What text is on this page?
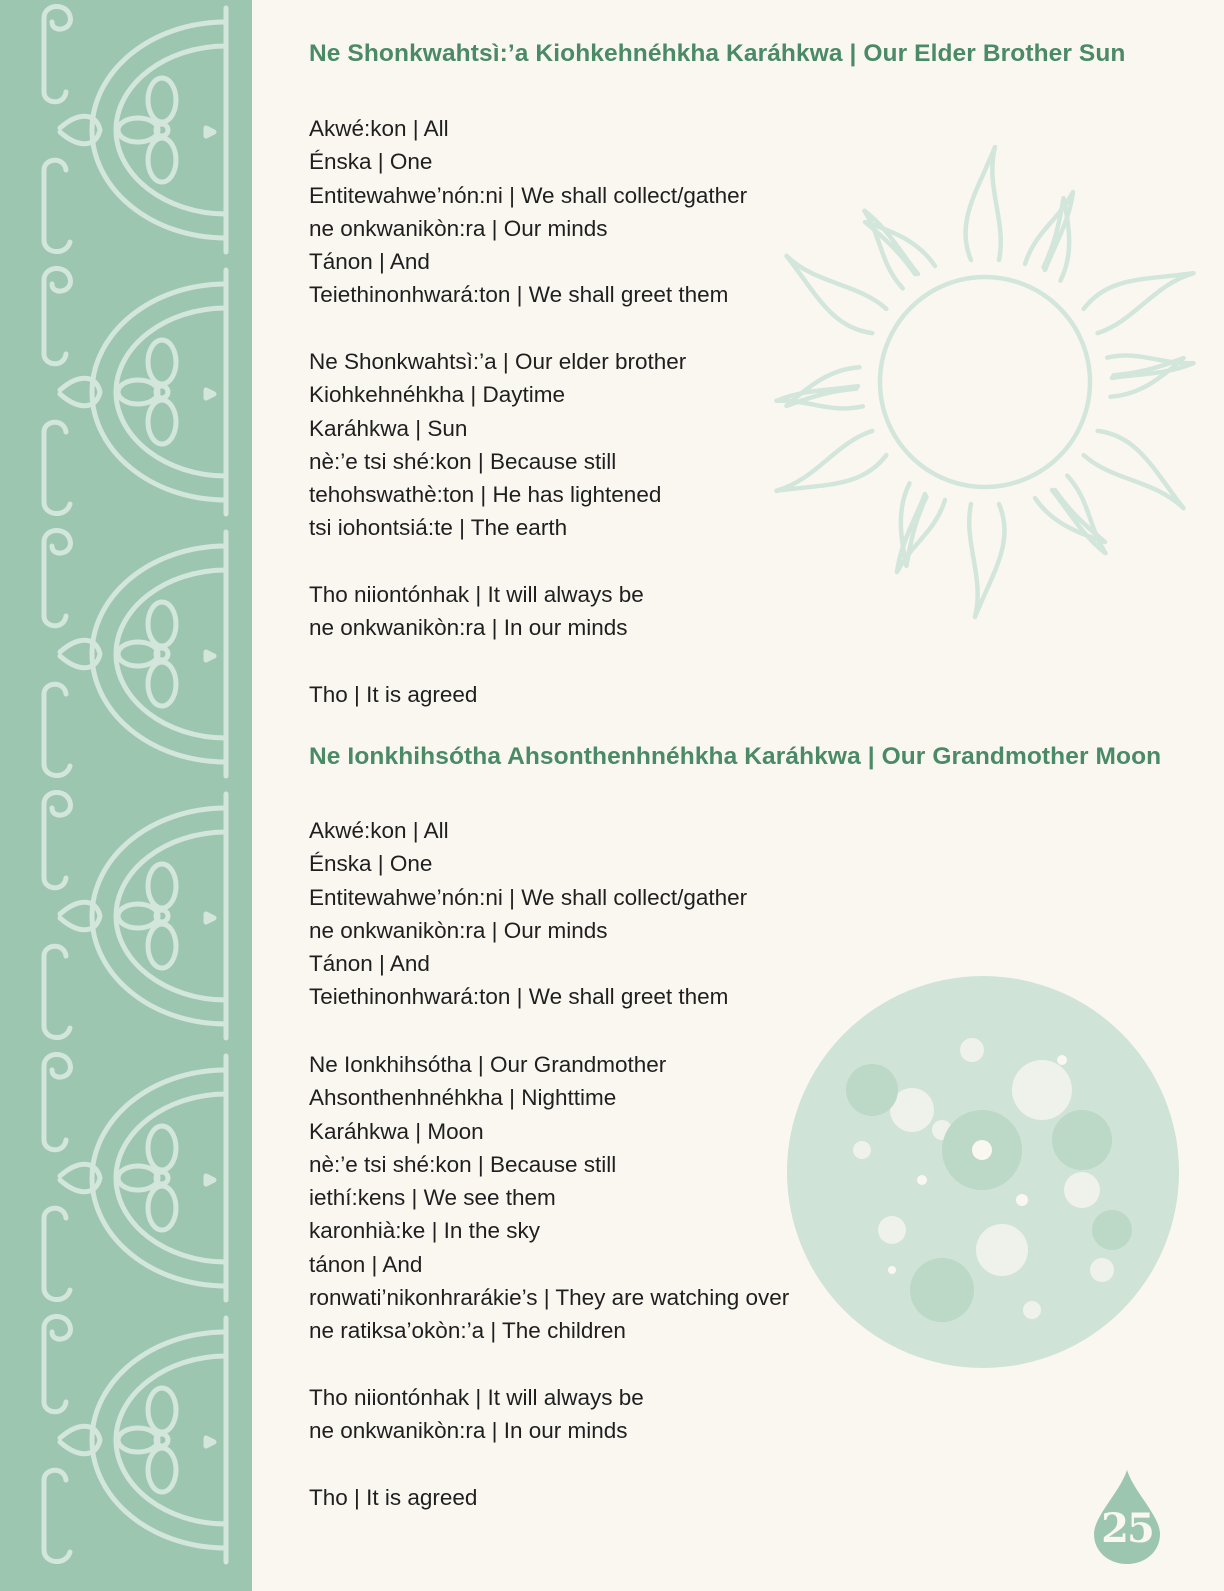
Ne Shonkwahtsì:’a Kiohkehnéhkha Karáhkwa | Our Elder Brother Sun
Akwé:kon | All
Énska | One
Entitewahwe’nón:ni | We shall collect/gather
ne onkwanikòn:ra | Our minds
Tánon | And
Teiethinonhwará:ton | We shall greet them
Ne Shonkwahtsì:’a | Our elder brother
Kiohkehnéhkha | Daytime
Karáhkwa | Sun
nè:’e tsi shé:kon | Because still
tehohswathè:ton | He has lightened
tsi iohontsiá:te | The earth
Tho niiontónhak | It will always be
ne onkwanikòn:ra | In our minds
Tho | It is agreed
Ne Ionkhihsótha Ahsonthenhnéhkha Karáhkwa | Our Grandmother Moon
Akwé:kon | All
Énska | One
Entitewahwe’nón:ni | We shall collect/gather
ne onkwanikòn:ra | Our minds
Tánon | And
Teiethinonhwará:ton | We shall greet them
Ne Ionkhihsótha | Our Grandmother
Ahsonthenhnéhkha | Nighttime
Karáhkwa | Moon
nè:’e tsi shé:kon | Because still
iethí:kens | We see them
karonhià:ke | In the sky
tánon | And
ronwati’nikonhrarákie’s | They are watching over
ne ratiksa’okòn:’a | The children
Tho niiontónhak | It will always be
ne onkwanikòn:ra | In our minds
Tho | It is agreed
25
